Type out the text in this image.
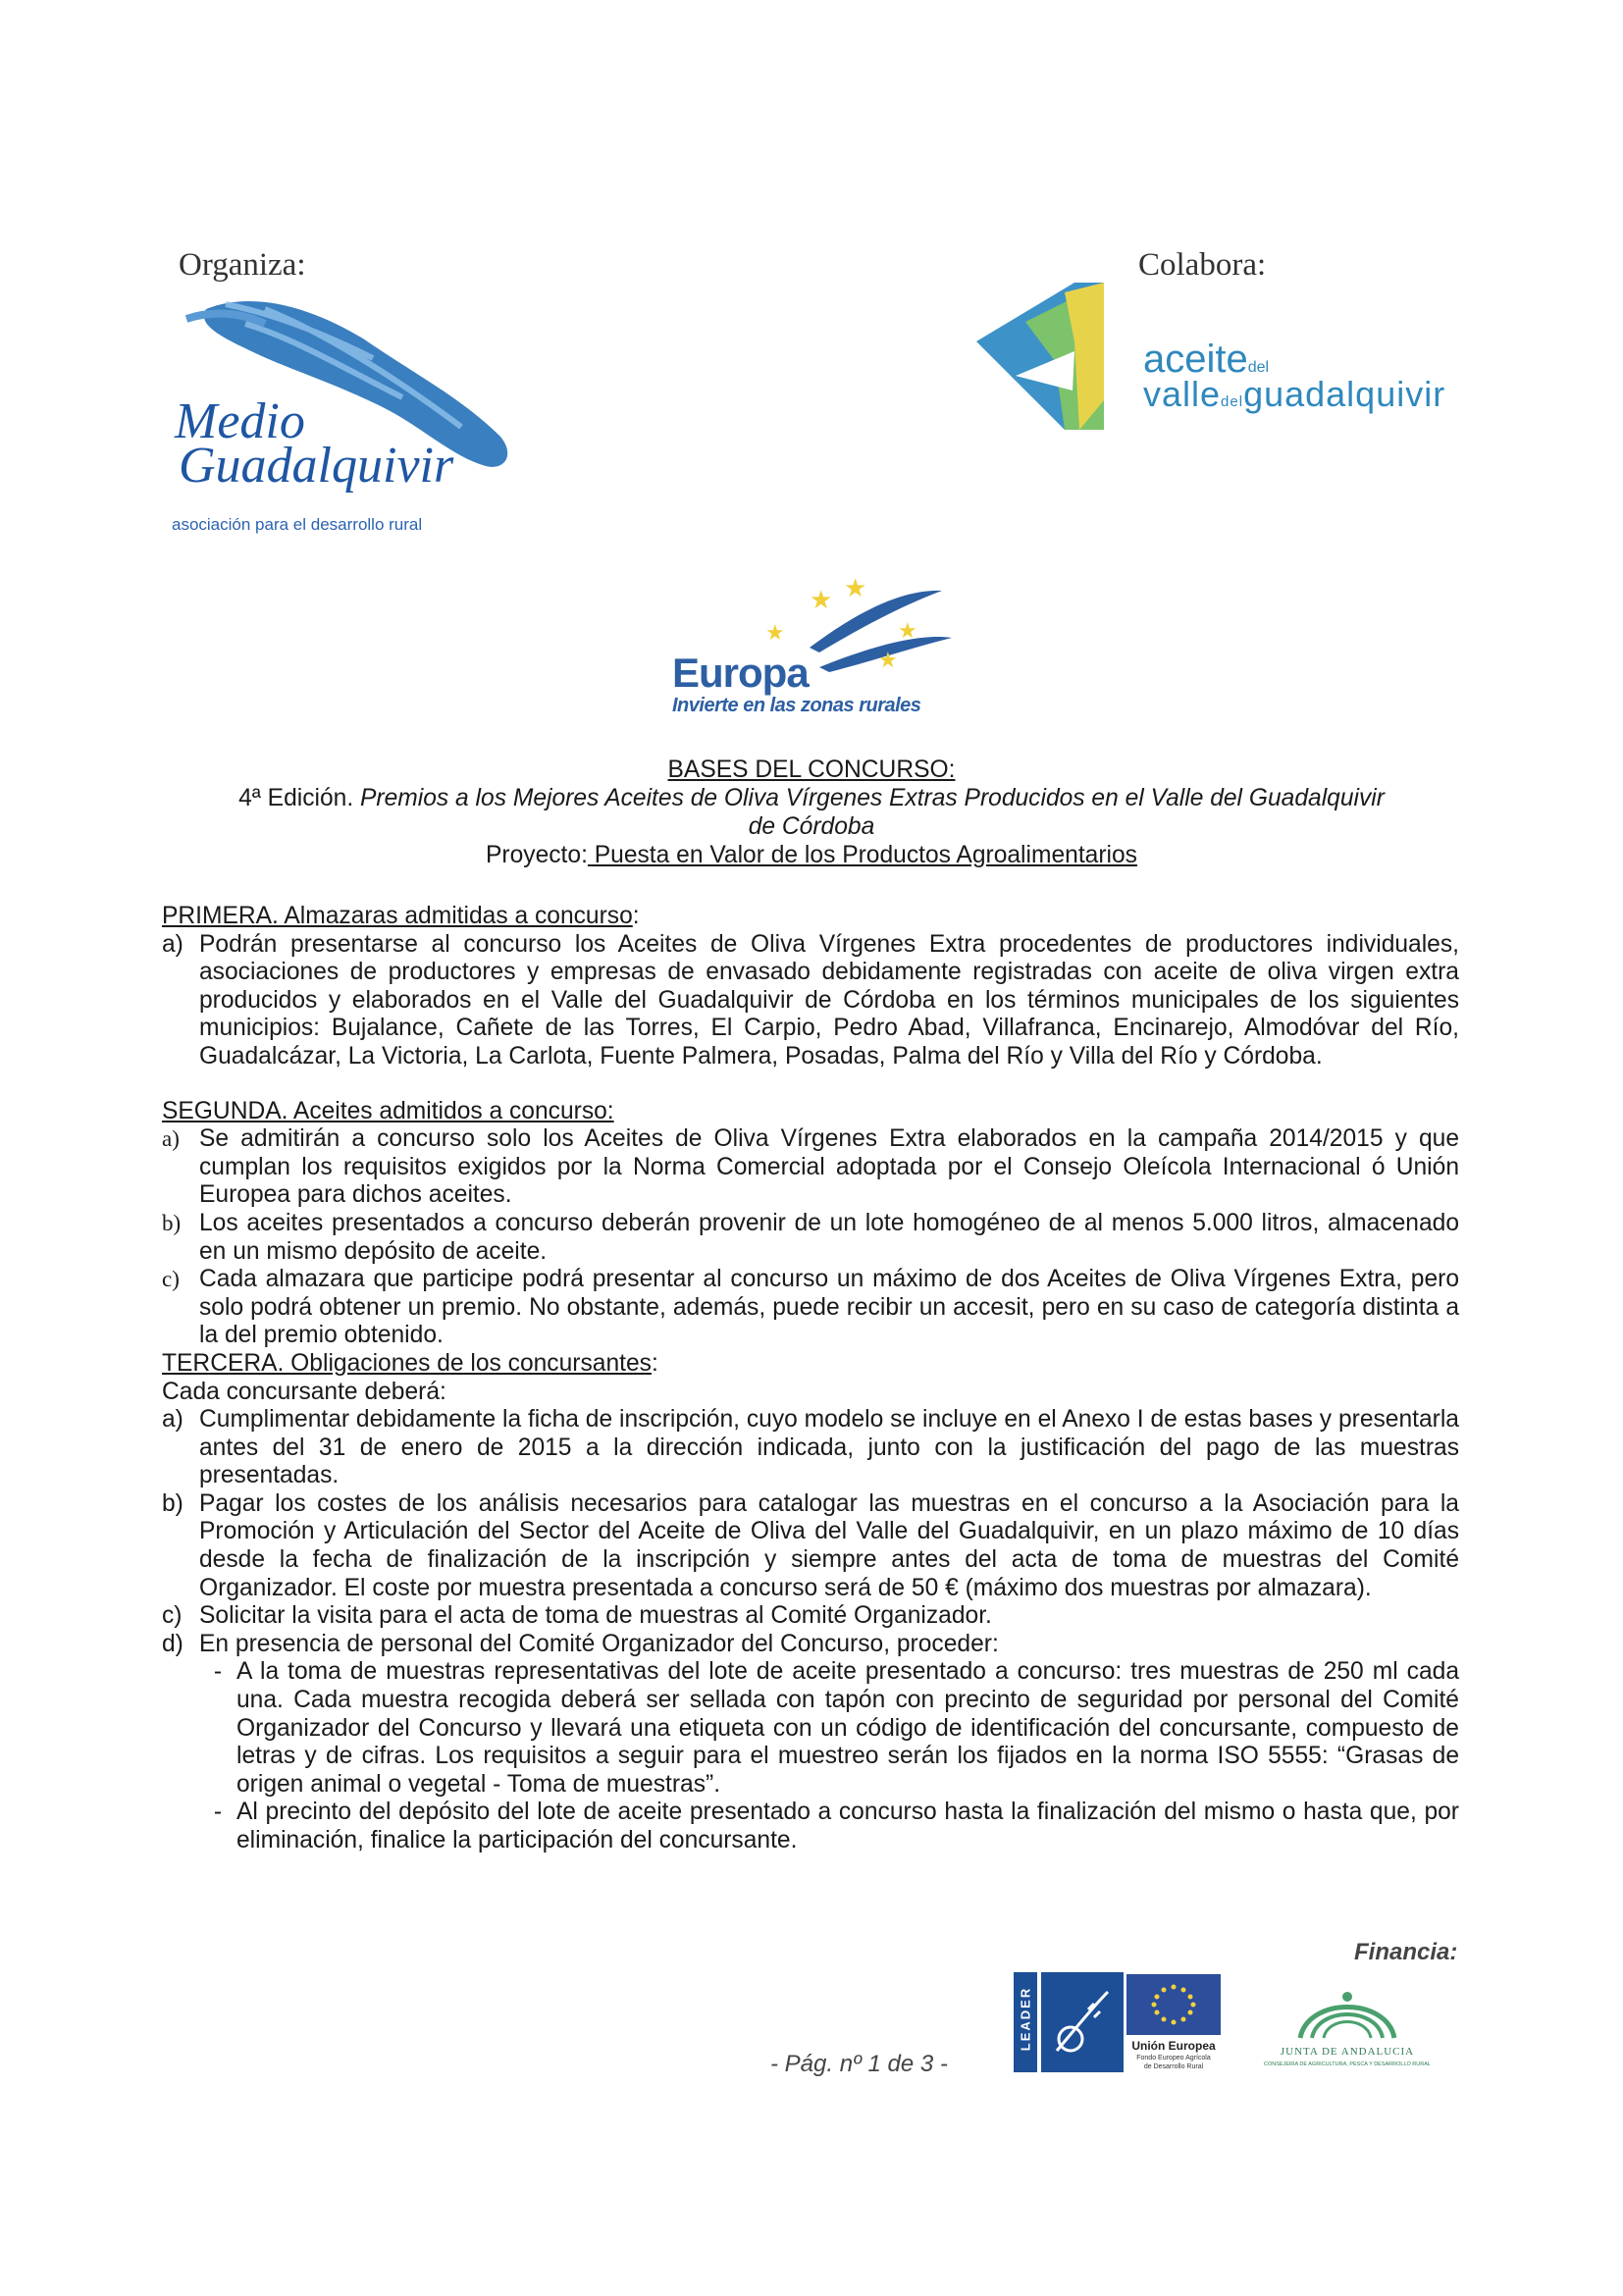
Organiza:	Colabora:
Medio
Guadalquivir
asociación para el desarrollo rural
aceitedel
valledelguadalquivir
★
★ ★
★
★
Europa
Invierte en las zonas rurales
BASES DEL CONCURSO:
4ª Edición. Premios a los Mejores Aceites de Oliva Vírgenes Extras Producidos en el Valle del Guadalquivir
de Córdoba
Proyecto: Puesta en Valor de los Productos Agroalimentarios

PRIMERA. Almazaras admitidas a concurso:

a) Podrán presentarse al concurso los Aceites de Oliva Vírgenes Extra procedentes de productores individuales, asociaciones de productores y empresas de envasado debidamente registradas con aceite de oliva virgen extra producidos y elaborados en el Valle del Guadalquivir de Córdoba en los términos municipales de los siguientes municipios: Bujalance, Cañete de las Torres, El Carpio, Pedro Abad, Villafranca, Encinarejo, Almodóvar del Río, Guadalcázar, La Victoria, La Carlota, Fuente Palmera, Posadas, Palma del Río y Villa del Río y Córdoba.

SEGUNDA. Aceites admitidos a concurso:

a) Se admitirán a concurso solo los Aceites de Oliva Vírgenes Extra elaborados en la campaña 2014/2015 y que cumplan los requisitos exigidos por la Norma Comercial adoptada por el Consejo Oleícola Internacional ó Unión Europea para dichos aceites.
b) Los aceites presentados a concurso deberán provenir de un lote homogéneo de al menos 5.000 litros, almacenado en un mismo depósito de aceite.
c) Cada almazara que participe podrá presentar al concurso un máximo de dos Aceites de Oliva Vírgenes Extra, pero solo podrá obtener un premio. No obstante, además, puede recibir un accesit, pero en su caso de categoría distinta a la del premio obtenido.

TERCERA. Obligaciones de los concursantes:

Cada concursante deberá:

a) Cumplimentar debidamente la ficha de inscripción, cuyo modelo se incluye en el Anexo I de estas bases y presentarla antes del 31 de enero de 2015 a la dirección indicada, junto con la justificación del pago de las muestras presentadas.
b) Pagar los costes de los análisis necesarios para catalogar las muestras en el concurso a la Asociación para la Promoción y Articulación del Sector del Aceite de Oliva del Valle del Guadalquivir, en un plazo máximo de 10 días desde la fecha de finalización de la inscripción y siempre antes del acta de toma de muestras del Comité Organizador. El coste por muestra presentada a concurso será de 50 € (máximo dos muestras por almazara).
c) Solicitar la visita para el acta de toma de muestras al Comité Organizador.
d) En presencia de personal del Comité Organizador del Concurso, proceder:
- A la toma de muestras representativas del lote de aceite presentado a concurso: tres muestras de 250 ml cada una. Cada muestra recogida deberá ser sellada con tapón con precinto de seguridad por personal del Comité Organizador del Concurso y llevará una etiqueta con un código de identificación del concursante, compuesto de letras y de cifras. Los requisitos a seguir para el muestreo serán los fijados en la norma ISO 5555: “Grasas de origen animal o vegetal - Toma de muestras”.
- Al precinto del depósito del lote de aceite presentado a concurso hasta la finalización del mismo o hasta que, por eliminación, finalice la participación del concursante.
Financia:
- Pág. nº 1 de 3 -
LEADER	Unión Europea
Fondo Europeo Agrícola
de Desarrollo Rural
JUNTA DE ANDALUCIA
CONSEJERÍA DE AGRICULTURA, PESCA Y DESARROLLO RURAL
